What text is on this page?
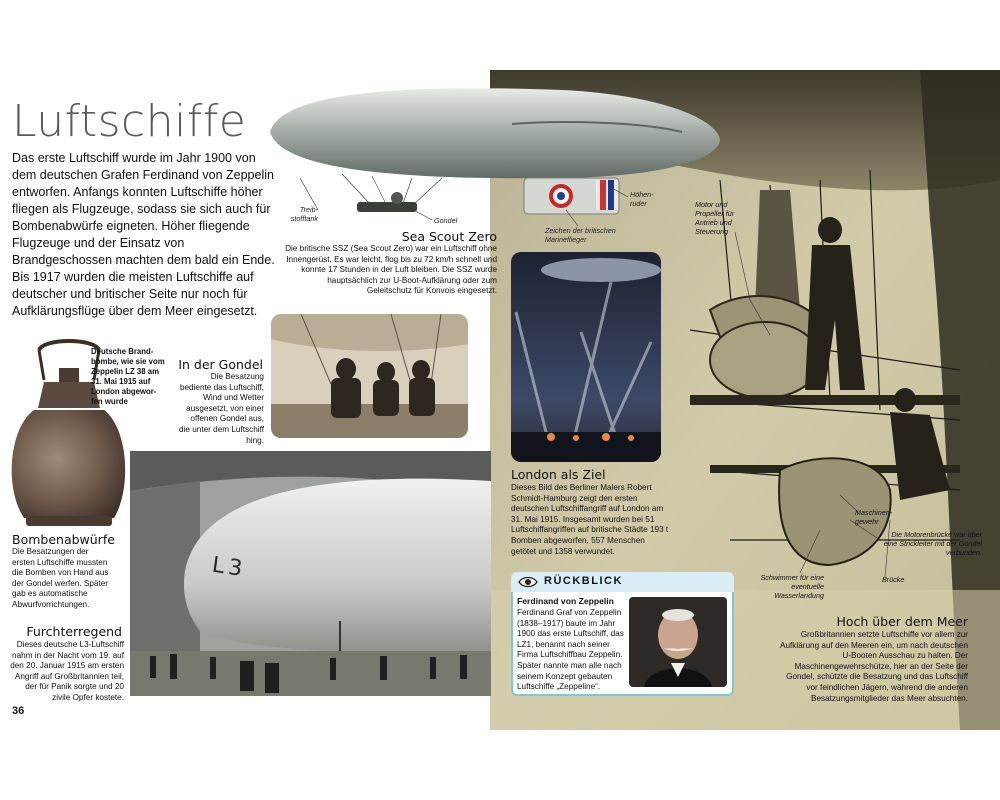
Luftschiffe
Das erste Luftschiff wurde im Jahr 1900 von dem deutschen Grafen Ferdinand von Zeppelin entworfen. Anfangs konnten Luftschiffe höher fliegen als Flugzeuge, sodass sie sich auch für Bombenabwürfe eigneten. Höher fliegende Flugzeuge und der Einsatz von Brandgeschossen machten dem bald ein Ende. Bis 1917 wurden die meisten Luftschiffe auf deutscher und britischer Seite nur noch für Aufklärungsflüge über dem Meer eingesetzt.
Treib-
stofftank	Gondel
Zeichen der britischen Marineflieger
Höhen-
ruder
Sea Scout Zero
Die britische SSZ (Sea Scout Zero) war ein Luftschiff ohne Innengerüst. Es war leicht, flog bis zu 72 km/h schnell und konnte 17 Stunden in der Luft bleiben. Die SSZ wurde hauptsächlich zur U-Boot-Aufklärung oder zum Geleitschutz für Konvois eingesetzt.
Deutsche Brand-bombe, wie sie vom Zeppelin LZ 38 am 31. Mai 1915 auf London abgewor-fen wurde
Bombenabwürfe
Die Besatzungen der ersten Luftschiffe mussten die Bomben von Hand aus der Gondel werfen. Später gab es automatische Abwurfvorrichtungen.
In der Gondel
Die Besatzung bediente das Luftschiff, Wind und Wetter ausgesetzt, von einer offenen Gondel aus, die unter dem Luftschiff hing.
L3
Furchterregend
Dieses deutsche L3-Luftschiff nahm in der Nacht vom 19. auf den 20. Januar 1915 am ersten Angriff auf Großbritannien teil, der für Panik sorgte und 20 zivile Opfer kostete.
36
London als Ziel
Dieses Bild des Berliner Malers Robert Schmidt-Hamburg zeigt den ersten deutschen Luftschiffangriff auf London am 31. Mai 1915. Insgesamt wurden bei 51 Luftschiffangriffen auf britische Städte 193 t Bomben abgeworfen, 557 Menschen getötet und 1358 verwundet.
RÜCKBLICK
Ferdinand von Zeppelin
Ferdinand Graf von Zeppelin (1838–1917) baute im Jahr 1900 das erste Luftschiff, das LZ1, benannt nach seiner Firma Luftschiffbau Zeppelin. Später nannte man alle nach seinem Konzept gebauten Luftschiffe „Zeppeline“.
Motor und Propeller für Antrieb und Steuerung
Maschinen-gewehr
Die Motorenbrücke war über eine Strickleiter mit der Gondel verbunden.
Schwimmer für eine eventuelle Wasserlandung
Brücke
Hoch über dem Meer
Großbritannien setzte Luftschiffe vor allem zur Aufklärung auf den Meeren ein, um nach deutschen U-Booten Ausschau zu halten. Der Maschinengewehrschütze, hier an der Seite der Gondel, schützte die Besatzung und das Luftschiff vor feindlichen Jägern, während die anderen Besatzungsmitglieder das Meer absuchten.
